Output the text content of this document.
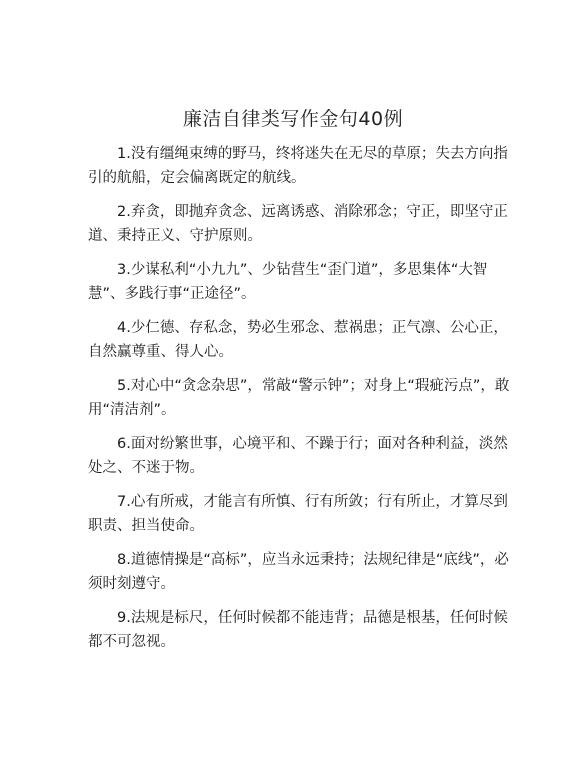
廉洁自律类写作金句40例

1.没有缰绳束缚的野马，终将迷失在无尽的草原；失去方向指引的航船，定会偏离既定的航线。

2.弃贪，即抛弃贪念、远离诱惑、消除邪念；守正，即坚守正道、秉持正义、守护原则。

3.少谋私利“小九九”、少钻营生“歪门道”，多思集体“大智慧”、多践行事“正途径”。

4.少仁德、存私念，势必生邪念、惹祸患；正气凛、公心正，自然赢尊重、得人心。

5.对心中“贪念杂思”，常敲“警示钟”；对身上“瑕疵污点”，敢用“清洁剂”。

6.面对纷繁世事，心境平和、不躁于行；面对各种利益，淡然处之、不迷于物。

7.心有所戒，才能言有所慎、行有所敛；行有所止，才算尽到职责、担当使命。

8.道德情操是“高标”，应当永远秉持；法规纪律是“底线”，必须时刻遵守。

9.法规是标尺，任何时候都不能违背；品德是根基，任何时候都不可忽视。
